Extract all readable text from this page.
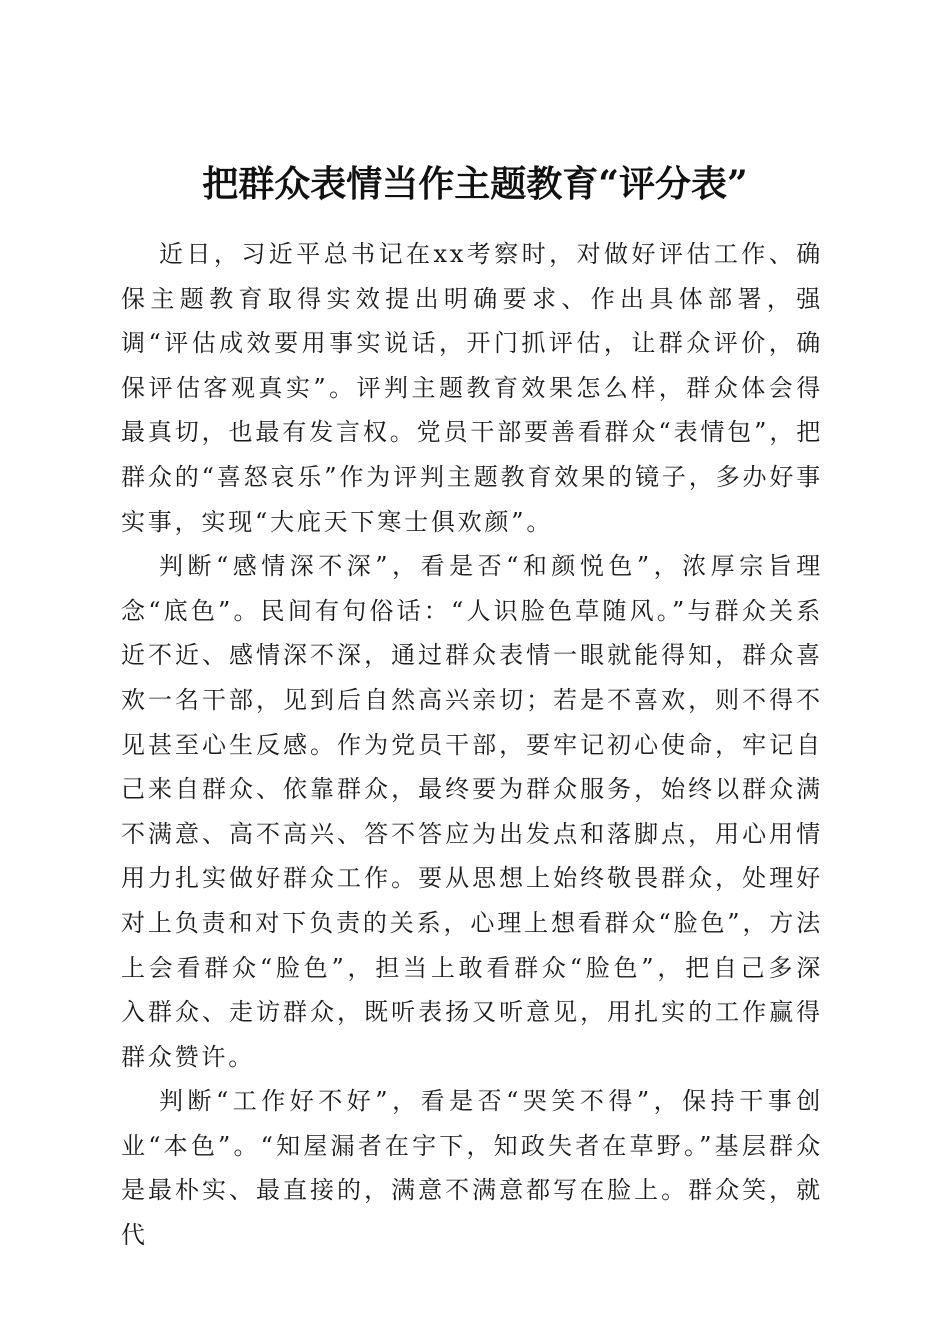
把群众表情当作主题教育“评分表”

近日，习近平总书记在xx考察时，对做好评估工作、确保主题教育取得实效提出明确要求、作出具体部署，强调“评估成效要用事实说话，开门抓评估，让群众评价，确保评估客观真实”。评判主题教育效果怎么样，群众体会得最真切，也最有发言权。党员干部要善看群众“表情包”，把群众的“喜怒哀乐”作为评判主题教育效果的镜子，多办好事实事，实现“大庇天下寒士俱欢颜”。

判断“感情深不深”，看是否“和颜悦色”，浓厚宗旨理念“底色”。民间有句俗话：“人识脸色草随风。”与群众关系近不近、感情深不深，通过群众表情一眼就能得知，群众喜欢一名干部，见到后自然高兴亲切；若是不喜欢，则不得不见甚至心生反感。作为党员干部，要牢记初心使命，牢记自己来自群众、依靠群众，最终要为群众服务，始终以群众满不满意、高不高兴、答不答应为出发点和落脚点，用心用情用力扎实做好群众工作。要从思想上始终敬畏群众，处理好对上负责和对下负责的关系，心理上想看群众“脸色”，方法上会看群众“脸色”，担当上敢看群众“脸色”，把自己多深入群众、走访群众，既听表扬又听意见，用扎实的工作赢得群众赞许。

判断“工作好不好”，看是否“哭笑不得”，保持干事创业“本色”。“知屋漏者在宇下，知政失者在草野。”基层群众是最朴实、最直接的，满意不满意都写在脸上。群众笑，就代
